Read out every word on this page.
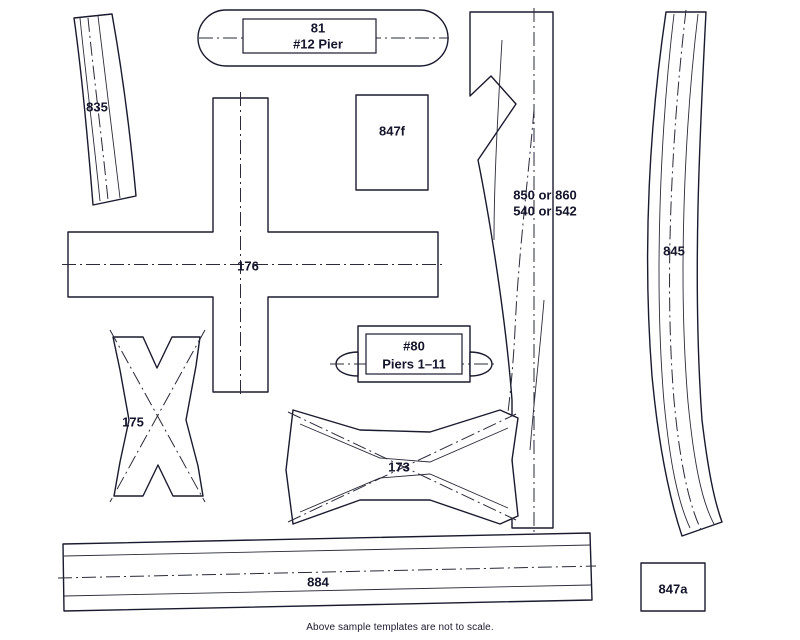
835
81
#12 Pier
847f
176
850 or 860
540 or 542
845
#80
Piers 1–11
175
173
884	847a
Above sample templates are not to scale.
